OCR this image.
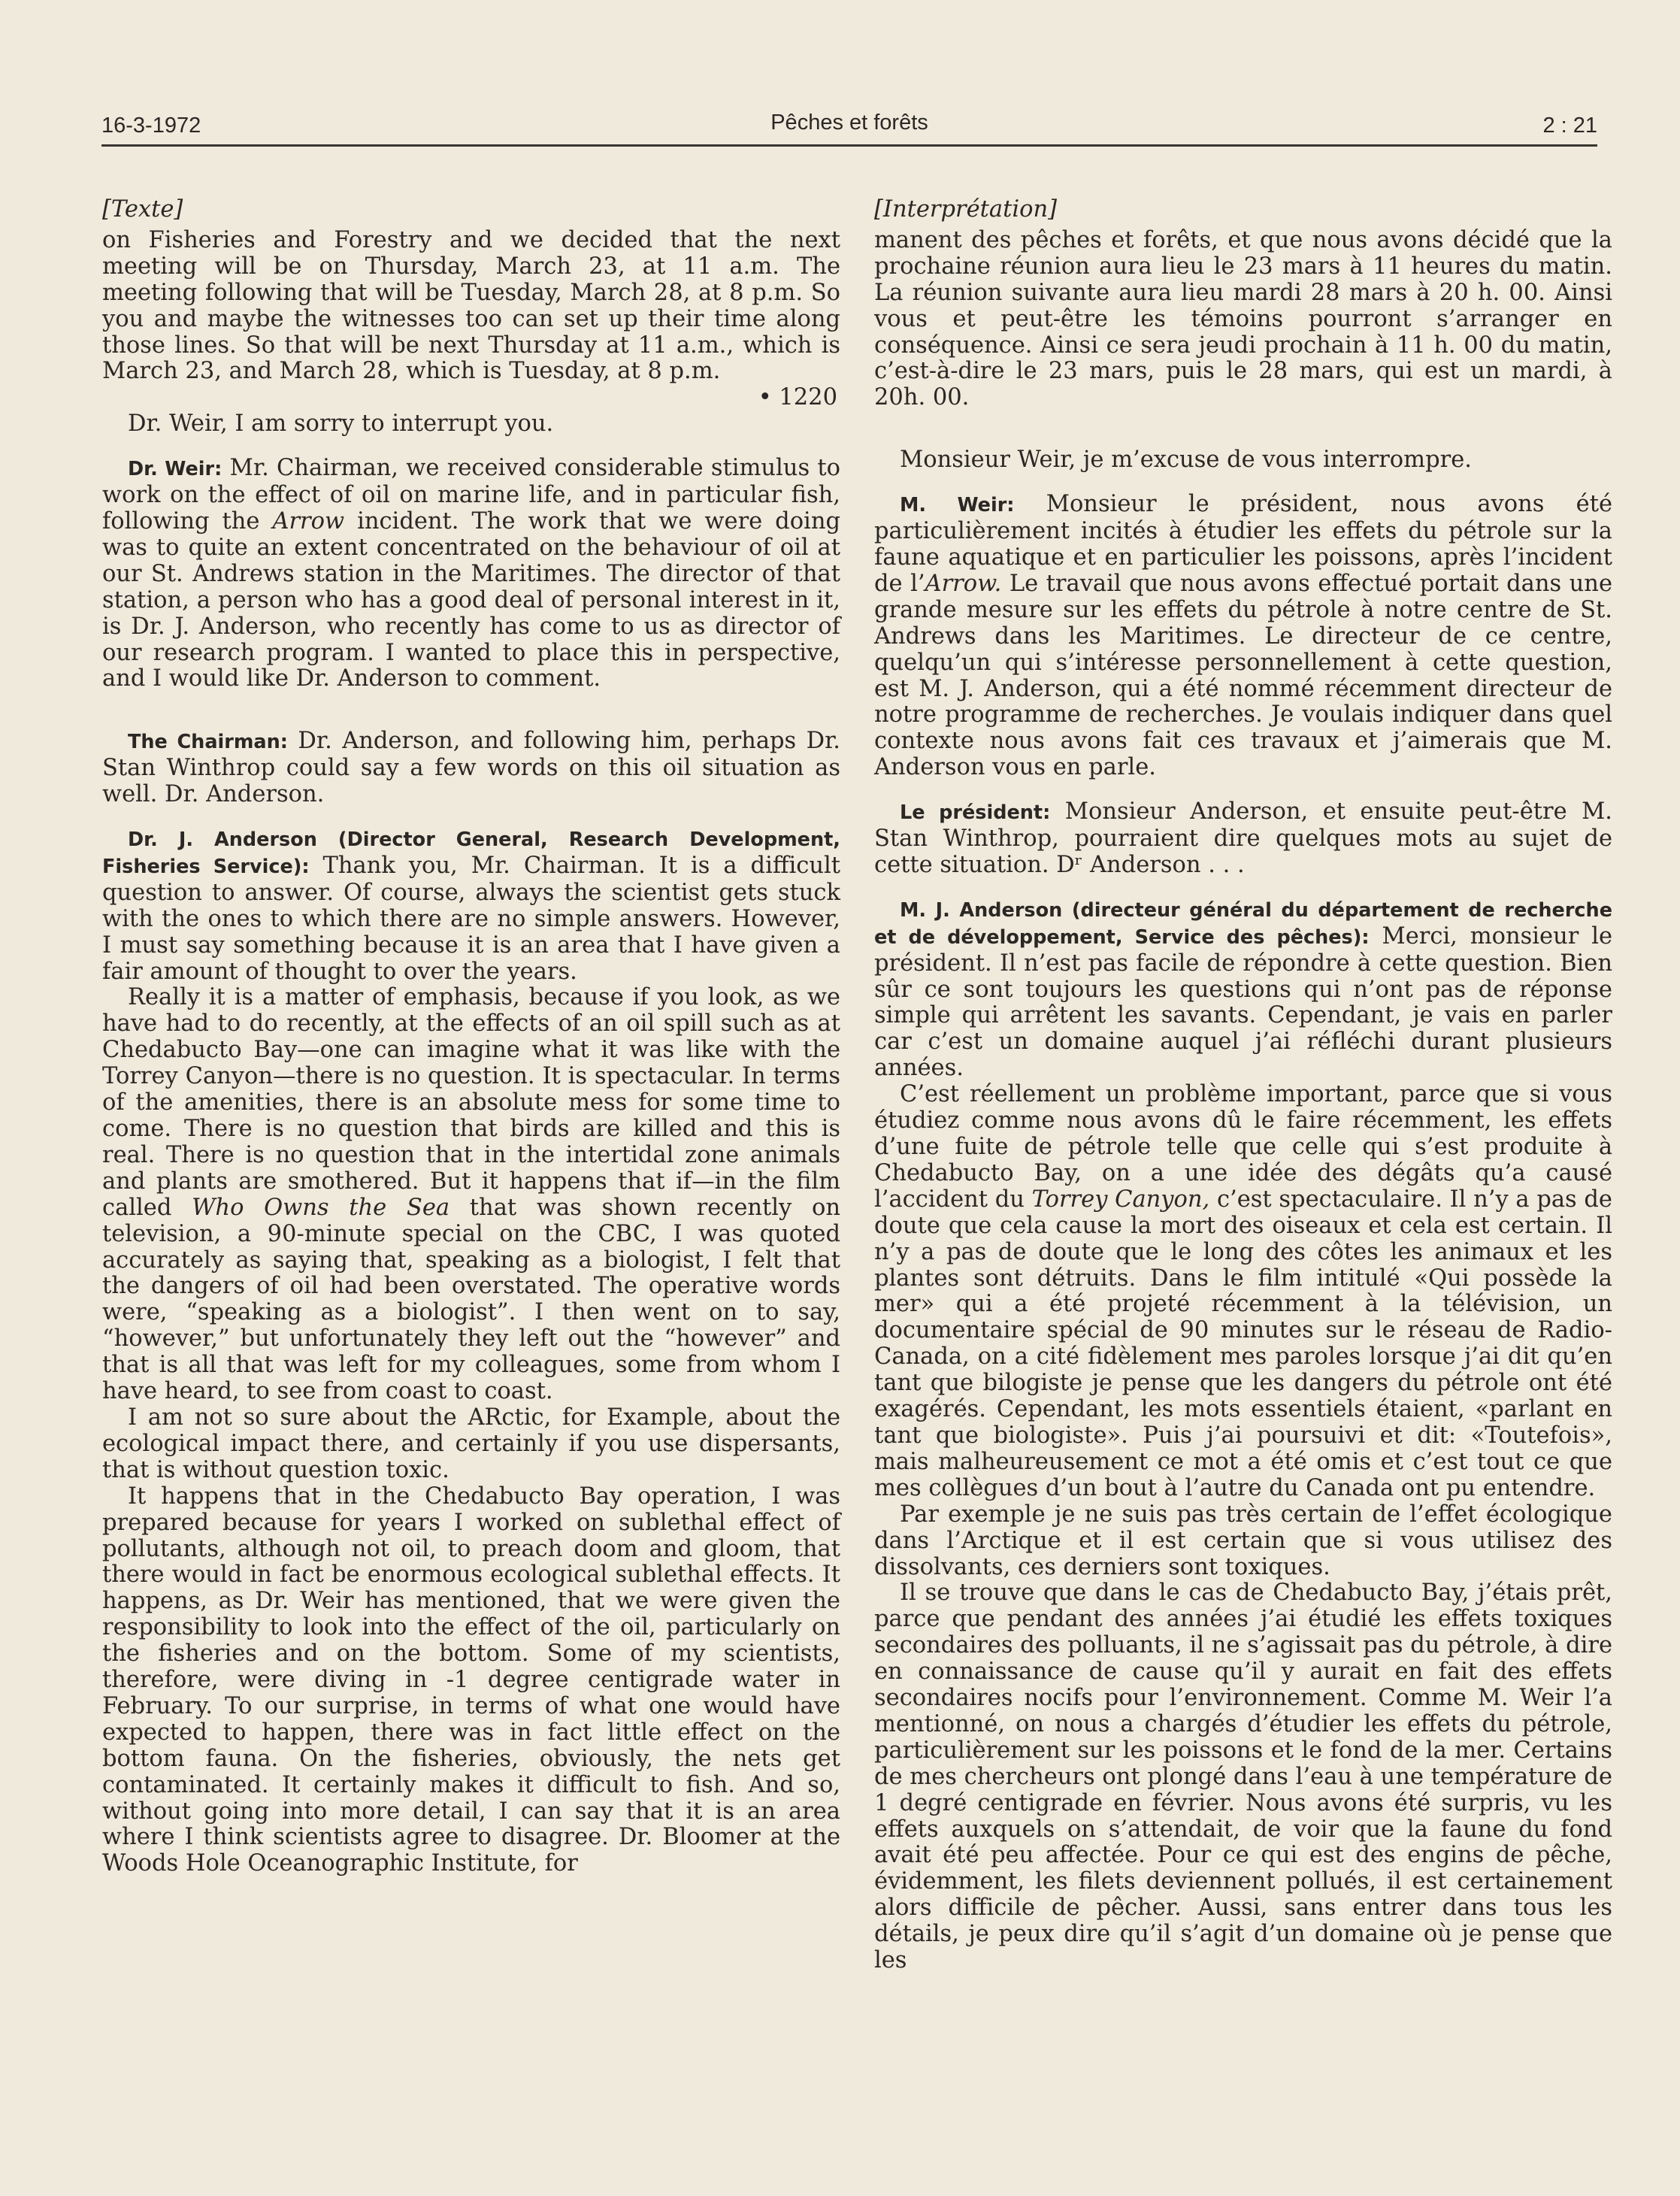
16-3-1972	Pêches et forêts	2 : 21

[Texte]

on Fisheries and Forestry and we decided that the next meeting will be on Thursday, March 23, at 11 a.m. The meeting following that will be Tuesday, March 28, at 8 p.m. So you and maybe the witnesses too can set up their time along those lines. So that will be next Thursday at 11 a.m., which is March 23, and March 28, which is Tuesday, at 8 p.m.

• 1220

Dr. Weir, I am sorry to interrupt you.

Dr. Weir: Mr. Chairman, we received considerable stimulus to work on the effect of oil on marine life, and in particular fish, following the Arrow incident. The work that we were doing was to quite an extent concentrated on the behaviour of oil at our St. Andrews station in the Maritimes. The director of that station, a person who has a good deal of personal interest in it, is Dr. J. Anderson, who recently has come to us as director of our research program. I wanted to place this in perspective, and I would like Dr. Anderson to comment.

The Chairman: Dr. Anderson, and following him, perhaps Dr. Stan Winthrop could say a few words on this oil situation as well. Dr. Anderson.

Dr. J. Anderson (Director General, Research Development, Fisheries Service): Thank you, Mr. Chairman. It is a difficult question to answer. Of course, always the scientist gets stuck with the ones to which there are no simple answers. However, I must say something because it is an area that I have given a fair amount of thought to over the years.

Really it is a matter of emphasis, because if you look, as we have had to do recently, at the effects of an oil spill such as at Chedabucto Bay—one can imagine what it was like with the Torrey Canyon—there is no question. It is spectacular. In terms of the amenities, there is an absolute mess for some time to come. There is no question that birds are killed and this is real. There is no question that in the intertidal zone animals and plants are smothered. But it happens that if—in the film called Who Owns the Sea that was shown recently on television, a 90-minute special on the CBC, I was quoted accurately as saying that, speaking as a biologist, I felt that the dangers of oil had been overstated. The operative words were, “speaking as a biologist”. I then went on to say, “however,” but unfortunately they left out the “however” and that is all that was left for my colleagues, some from whom I have heard, to see from coast to coast.

I am not so sure about the ARctic, for Example, about the ecological impact there, and certainly if you use dispersants, that is without question toxic.

It happens that in the Chedabucto Bay operation, I was prepared because for years I worked on sublethal effect of pollutants, although not oil, to preach doom and gloom, that there would in fact be enormous ecological sublethal effects. It happens, as Dr. Weir has mentioned, that we were given the responsibility to look into the effect of the oil, particularly on the fisheries and on the bottom. Some of my scientists, therefore, were diving in -1 degree centigrade water in February. To our surprise, in terms of what one would have expected to happen, there was in fact little effect on the bottom fauna. On the fisheries, obviously, the nets get contaminated. It certainly makes it difficult to fish. And so, without going into more detail, I can say that it is an area where I think scientists agree to disagree. Dr. Bloomer at the Woods Hole Oceanographic Institute, for

[Interprétation]

manent des pêches et forêts, et que nous avons décidé que la prochaine réunion aura lieu le 23 mars à 11 heures du matin. La réunion suivante aura lieu mardi 28 mars à 20 h. 00. Ainsi vous et peut-être les témoins pourront s’arranger en conséquence. Ainsi ce sera jeudi prochain à 11 h. 00 du matin, c’est-à-dire le 23 mars, puis le 28 mars, qui est un mardi, à 20h. 00.

Monsieur Weir, je m’excuse de vous interrompre.

M. Weir: Monsieur le président, nous avons été particulièrement incités à étudier les effets du pétrole sur la faune aquatique et en particulier les poissons, après l’incident de l’Arrow. Le travail que nous avons effectué portait dans une grande mesure sur les effets du pétrole à notre centre de St. Andrews dans les Maritimes. Le directeur de ce centre, quelqu’un qui s’intéresse personnellement à cette question, est M. J. Anderson, qui a été nommé récemment directeur de notre programme de recherches. Je voulais indiquer dans quel contexte nous avons fait ces travaux et j’aimerais que M. Anderson vous en parle.

Le président: Monsieur Anderson, et ensuite peut-être M. Stan Winthrop, pourraient dire quelques mots au sujet de cette situation. Dʳ Anderson . . .

M. J. Anderson (directeur général du département de recherche et de développement, Service des pêches): Merci, monsieur le président. Il n’est pas facile de répondre à cette question. Bien sûr ce sont toujours les questions qui n’ont pas de réponse simple qui arrêtent les savants. Cependant, je vais en parler car c’est un domaine auquel j’ai réfléchi durant plusieurs années.

C’est réellement un problème important, parce que si vous étudiez comme nous avons dû le faire récemment, les effets d’une fuite de pétrole telle que celle qui s’est produite à Chedabucto Bay, on a une idée des dégâts qu’a causé l’accident du Torrey Canyon, c’est spectaculaire. Il n’y a pas de doute que cela cause la mort des oiseaux et cela est certain. Il n’y a pas de doute que le long des côtes les animaux et les plantes sont détruits. Dans le film intitulé «Qui possède la mer» qui a été projeté récemment à la télévision, un documentaire spécial de 90 minutes sur le réseau de Radio-Canada, on a cité fidèlement mes paroles lorsque j’ai dit qu’en tant que bilogiste je pense que les dangers du pétrole ont été exagérés. Cependant, les mots essentiels étaient, «parlant en tant que biologiste». Puis j’ai poursuivi et dit: «Toutefois», mais malheureusement ce mot a été omis et c’est tout ce que mes collègues d’un bout à l’autre du Canada ont pu entendre.

Par exemple je ne suis pas très certain de l’effet écologique dans l’Arctique et il est certain que si vous utilisez des dissolvants, ces derniers sont toxiques.

Il se trouve que dans le cas de Chedabucto Bay, j’étais prêt, parce que pendant des années j’ai étudié les effets toxiques secondaires des polluants, il ne s’agissait pas du pétrole, à dire en connaissance de cause qu’il y aurait en fait des effets secondaires nocifs pour l’environnement. Comme M. Weir l’a mentionné, on nous a chargés d’étudier les effets du pétrole, particulièrement sur les poissons et le fond de la mer. Certains de mes chercheurs ont plongé dans l’eau à une température de 1 degré centigrade en février. Nous avons été surpris, vu les effets auxquels on s’attendait, de voir que la faune du fond avait été peu affectée. Pour ce qui est des engins de pêche, évidemment, les filets deviennent pollués, il est certainement alors difficile de pêcher. Aussi, sans entrer dans tous les détails, je peux dire qu’il s’agit d’un domaine où je pense que les
